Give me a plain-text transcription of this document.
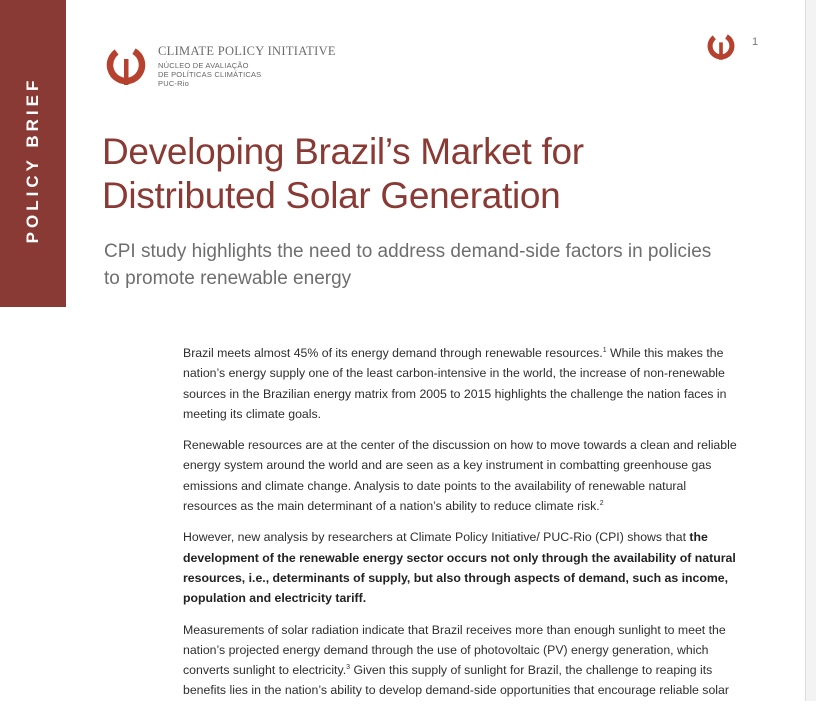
POLICY BRIEF
CLIMATE POLICY INITIATIVE
NÚCLEO DE AVALIAÇÃO
DE POLÍTICAS CLIMÁTICAS
PUC-Rio
1
Developing Brazil’s Market for
Distributed Solar Generation
CPI study highlights the need to address demand-side factors in policies
to promote renewable energy

Brazil meets almost 45% of its energy demand through renewable resources.$^1$ While this makes the nation’s energy supply one of the least carbon-intensive in the world, the increase of non-renewable sources in the Brazilian energy matrix from 2005 to 2015 highlights the challenge the nation faces in meeting its climate goals.

Renewable resources are at the center of the discussion on how to move towards a clean and reliable energy system around the world and are seen as a key instrument in combatting greenhouse gas emissions and climate change. Analysis to date points to the availability of renewable natural resources as the main determinant of a nation’s ability to reduce climate risk.$^2$

However, new analysis by researchers at Climate Policy Initiative/ PUC-Rio (CPI) shows that the development of the renewable energy sector occurs not only through the availability of natural resources, i.e., determinants of supply, but also through aspects of demand, such as income, population and electricity tariff.

Measurements of solar radiation indicate that Brazil receives more than enough sunlight to meet the nation’s projected energy demand through the use of photovoltaic (PV) energy generation, which converts sunlight to electricity.$^3$ Given this supply of sunlight for Brazil, the challenge to reaping its benefits lies in the nation’s ability to develop demand-side opportunities that encourage reliable solar
